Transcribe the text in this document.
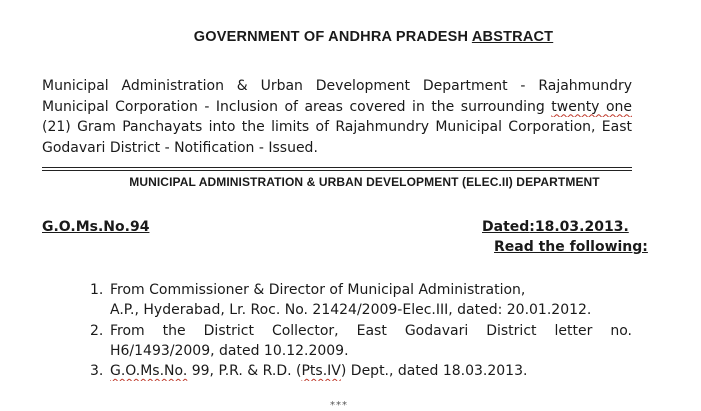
GOVERNMENT OF ANDHRA PRADESH ABSTRACT
Municipal Administration & Urban Development Department - Rajahmundry
Municipal Corporation - Inclusion of areas covered in the surrounding twenty one
(21) Gram Panchayats into the limits of Rajahmundry Municipal Corporation, East
Godavari District - Notification - Issued.
MUNICIPAL ADMINISTRATION & URBAN DEVELOPMENT (ELEC.II) DEPARTMENT
G.O.Ms.No.94	Dated:18.03.2013.
Read the following:
1. From Commissioner & Director of Municipal Administration,
A.P., Hyderabad, Lr. Roc. No. 21424/2009-Elec.III, dated: 20.01.2012.
2. From the District Collector, East Godavari District letter no.
H6/1493/2009, dated 10.12.2009.
3. G.O.Ms.No. 99, P.R. & R.D. (Pts.IV) Dept., dated 18.03.2013.
***
